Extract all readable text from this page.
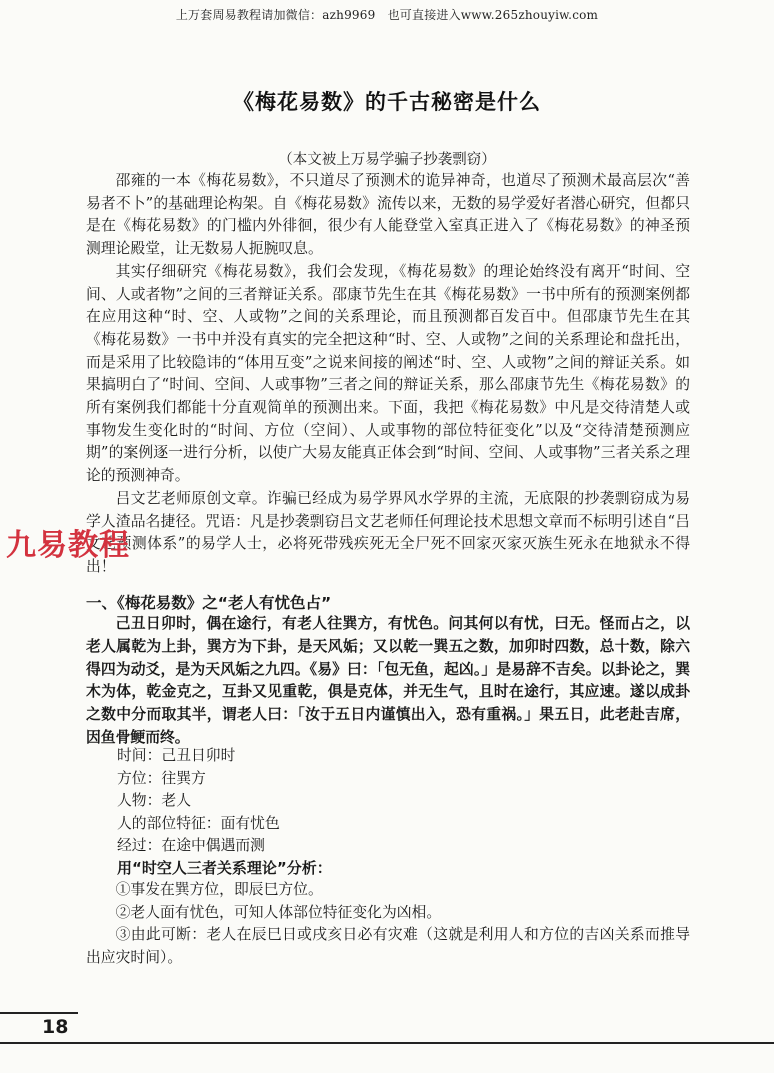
上万套周易教程请加微信：azh9969　也可直接进入www.265zhouyiw.com
《梅花易数》的千古秘密是什么
（本文被上万易学骗子抄袭剽窃）

邵雍的一本《梅花易数》，不只道尽了预测术的诡异神奇，也道尽了预测术最高层次“善易者不卜”的基础理论构架。自《梅花易数》流传以来，无数的易学爱好者潜心研究，但都只是在《梅花易数》的门槛内外徘徊，很少有人能登堂入室真正进入了《梅花易数》的神圣预测理论殿堂，让无数易人扼腕叹息。

其实仔细研究《梅花易数》，我们会发现，《梅花易数》的理论始终没有离开“时间、空间、人或者物”之间的三者辩证关系。邵康节先生在其《梅花易数》一书中所有的预测案例都在应用这种“时、空、人或物”之间的关系理论，而且预测都百发百中。但邵康节先生在其《梅花易数》一书中并没有真实的完全把这种“时、空、人或物”之间的关系理论和盘托出，而是采用了比较隐讳的“体用互变”之说来间接的阐述“时、空、人或物”之间的辩证关系。如果搞明白了“时间、空间、人或事物”三者之间的辩证关系，那么邵康节先生《梅花易数》的所有案例我们都能十分直观简单的预测出来。下面，我把《梅花易数》中凡是交待清楚人或事物发生变化时的“时间、方位（空间）、人或事物的部位特征变化”以及“交待清楚预测应期”的案例逐一进行分析，以使广大易友能真正体会到“时间、空间、人或事物”三者关系之理论的预测神奇。

吕文艺老师原创文章。诈骗已经成为易学界风水学界的主流，无底限的抄袭剽窃成为易学人渣品名捷径。咒语：凡是抄袭剽窃吕文艺老师任何理论技术思想文章而不标明引述自“吕文艺预测体系”的易学人士，必将死带残疾死无全尸死不回家灭家灭族生死永在地狱永不得出！

一、《梅花易数》之“老人有忧色占”

己丑日卯时，偶在途行，有老人往巽方，有忧色。问其何以有忧，曰无。怪而占之，以老人属乾为上卦，巽方为下卦，是天风姤；又以乾一巽五之数，加卯时四数，总十数，除六得四为动爻，是为天风姤之九四。《易》曰：「包无鱼，起凶。」是易辞不吉矣。以卦论之，巽木为体，乾金克之，互卦又见重乾，俱是克体，并无生气，且时在途行，其应速。遂以成卦之数中分而取其半，谓老人曰：「汝于五日内谨慎出入，恐有重祸。」果五日，此老赴吉席，因鱼骨鲠而终。

时间：己丑日卯时
方位：往巽方
人物：老人
人的部位特征：面有忧色
经过：在途中偶遇而测
用“时空人三者关系理论”分析：

①事发在巽方位，即辰巳方位。

②老人面有忧色，可知人体部位特征变化为凶相。

③由此可断：老人在辰巳日或戌亥日必有灾难（这就是利用人和方位的吉凶关系而推导出应灾时间）。

九易教程
18
